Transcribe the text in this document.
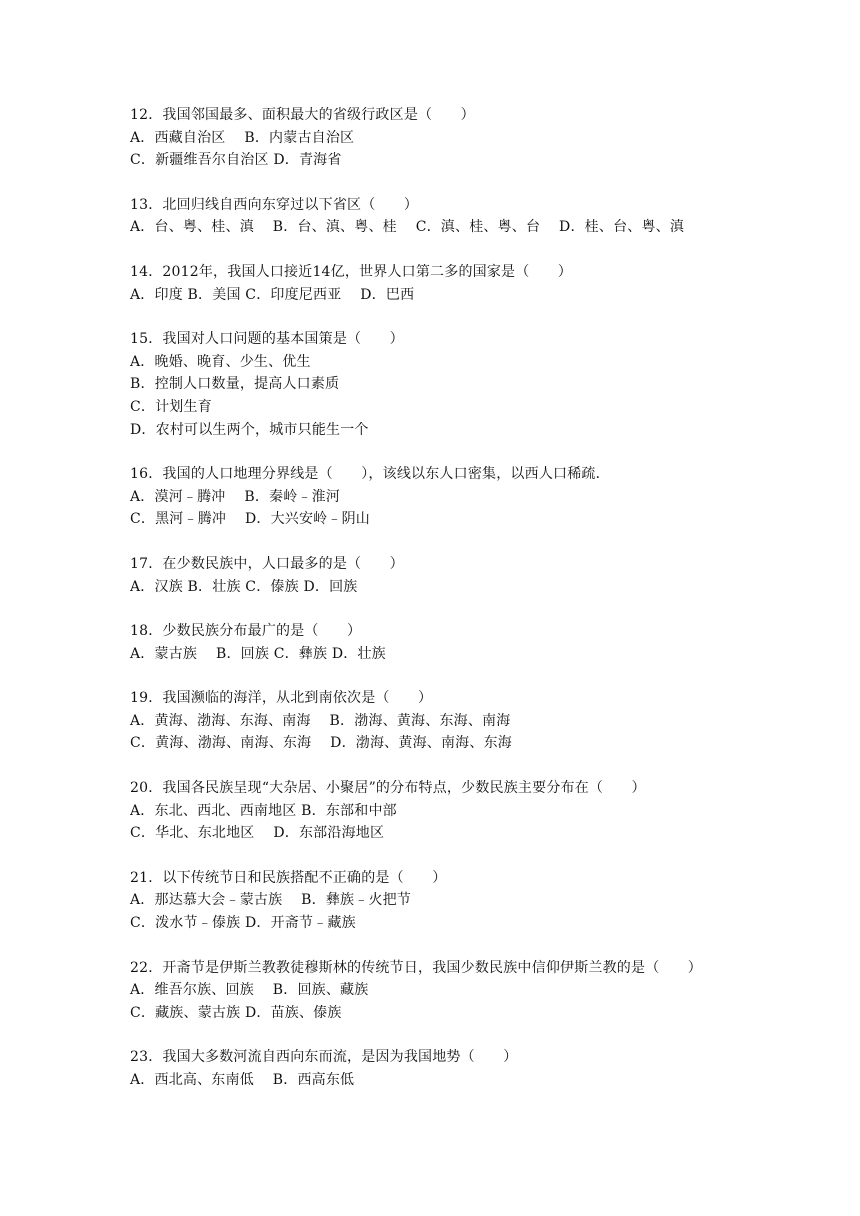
12．我国邻国最多、面积最大的省级行政区是（　　）
A．西藏自治区　 B．内蒙古自治区
C．新疆维吾尔自治区 D．青海省
13．北回归线自西向东穿过以下省区（　　）
A．台、粤、桂、滇　 B．台、滇、粤、桂　 C．滇、桂、粤、台　 D．桂、台、粤、滇
14．2012年，我国人口接近14亿，世界人口第二多的国家是（　　）
A．印度 B．美国 C．印度尼西亚　 D．巴西
15．我国对人口问题的基本国策是（　　）
A．晚婚、晚育、少生、优生
B．控制人口数量，提高人口素质
C．计划生育
D．农村可以生两个，城市只能生一个
16．我国的人口地理分界线是（　　），该线以东人口密集，以西人口稀疏．
A．漠河﹣腾冲　 B．秦岭﹣淮河
C．黑河﹣腾冲　 D．大兴安岭﹣阴山
17．在少数民族中，人口最多的是（　　）
A．汉族 B．壮族 C．傣族 D．回族
18．少数民族分布最广的是（　　）
A．蒙古族　 B．回族 C．彝族 D．壮族
19．我国濒临的海洋，从北到南依次是（　　）
A．黄海、渤海、东海、南海　 B．渤海、黄海、东海、南海
C．黄海、渤海、南海、东海　 D．渤海、黄海、南海、东海
20．我国各民族呈现“大杂居、小聚居”的分布特点，少数民族主要分布在（　　）
A．东北、西北、西南地区 B．东部和中部
C．华北、东北地区　 D．东部沿海地区
21．以下传统节日和民族搭配不正确的是（　　）
A．那达慕大会﹣蒙古族　 B．彝族﹣火把节
C．泼水节﹣傣族 D．开斋节﹣藏族
22．开斋节是伊斯兰教教徒穆斯林的传统节日，我国少数民族中信仰伊斯兰教的是（　　）
A．维吾尔族、回族　 B．回族、藏族
C．藏族、蒙古族 D．苗族、傣族
23．我国大多数河流自西向东而流，是因为我国地势（　　）
A．西北高、东南低　 B．西高东低
